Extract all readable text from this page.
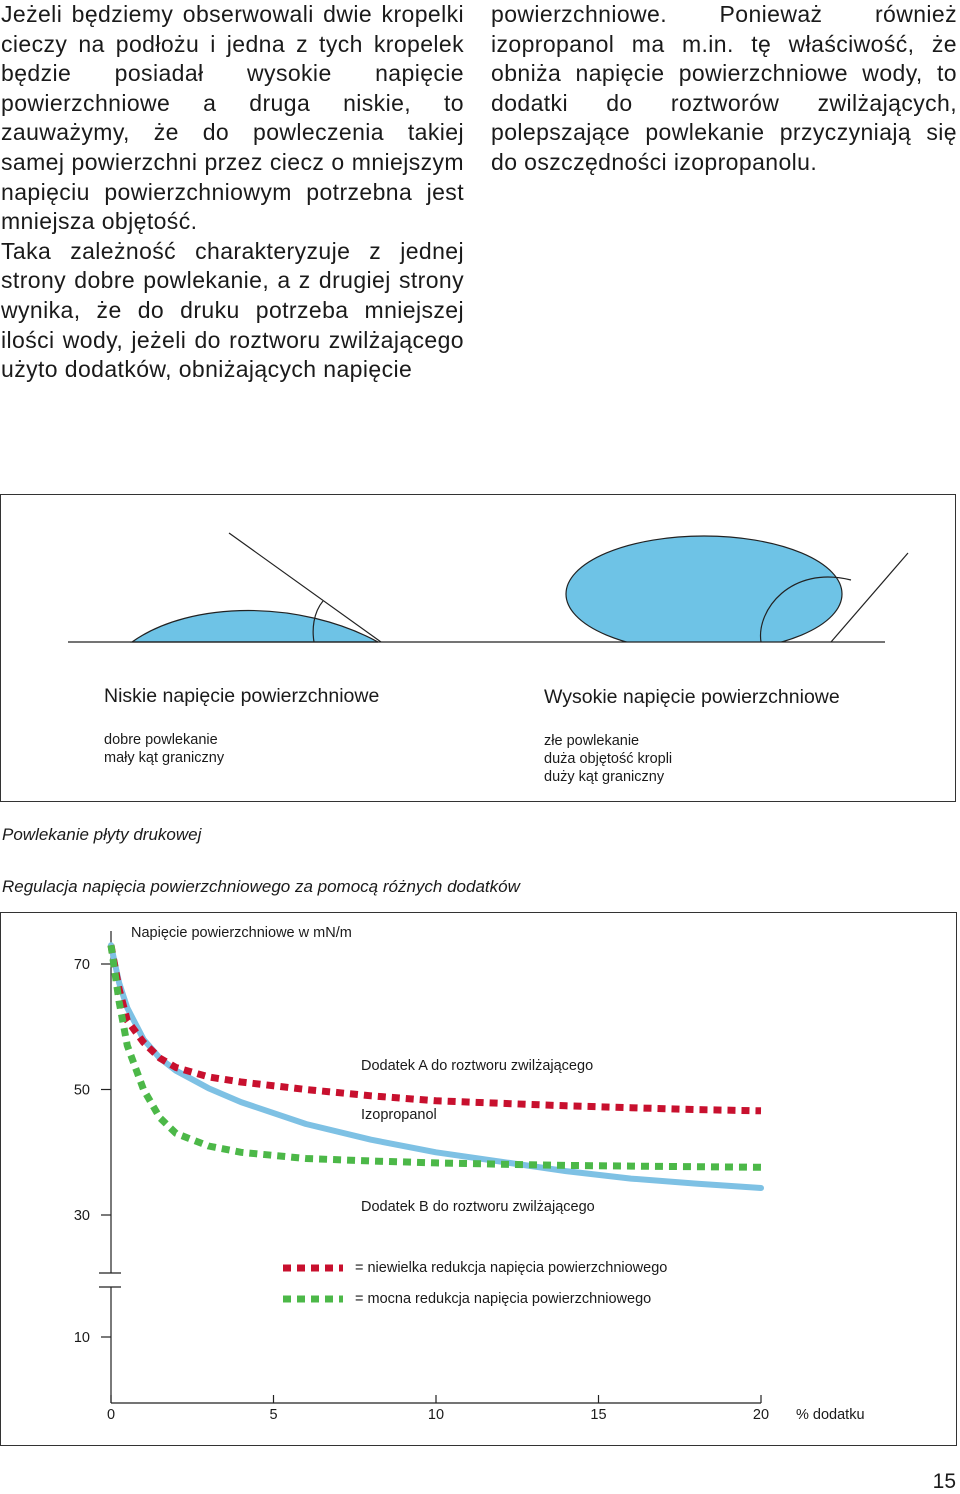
Jeżeli będziemy obserwowali dwie kropelki cieczy na podłożu i jedna z tych kropelek będzie posiadał wysokie napięcie powierzchniowe a druga niskie, to zauważymy, że do powleczenia takiej samej powierzchni przez ciecz o mniejszym napięciu powierzchniowym potrzebna jest mniejsza objętość.

Taka zależność charakteryzuje z jednej strony dobre powlekanie, a z drugiej strony wynika, że do druku potrzeba mniejszej ilości wody, jeżeli do roztworu zwilżającego użyto dodatków, obniżających napięcie

powierzchniowe. Ponieważ również izopropanol ma m.in. tę właściwość, że obniża napięcie powierzchniowe wody, to dodatki do roztworów zwilżających, polepszające powlekanie przyczyniają się do oszczędności izopropanolu.

Niskie napięcie powierzchniowe
dobre powlekanie
mały kąt graniczny
Wysokie napięcie powierzchniowe
złe powlekanie
duża objętość kropli
duży kąt graniczny
Powlekanie płyty drukowej
Regulacja napięcia powierzchniowego za pomocą różnych dodatków
70
50
30
10
0	5	10	15	20
Napięcie powierzchniowe w mN/m
% dodatku
Dodatek A do roztworu zwilżającego
Izopropanol
Dodatek B do roztworu zwilżającego
= niewielka redukcja napięcia powierzchniowego
= mocna redukcja napięcia powierzchniowego
15
